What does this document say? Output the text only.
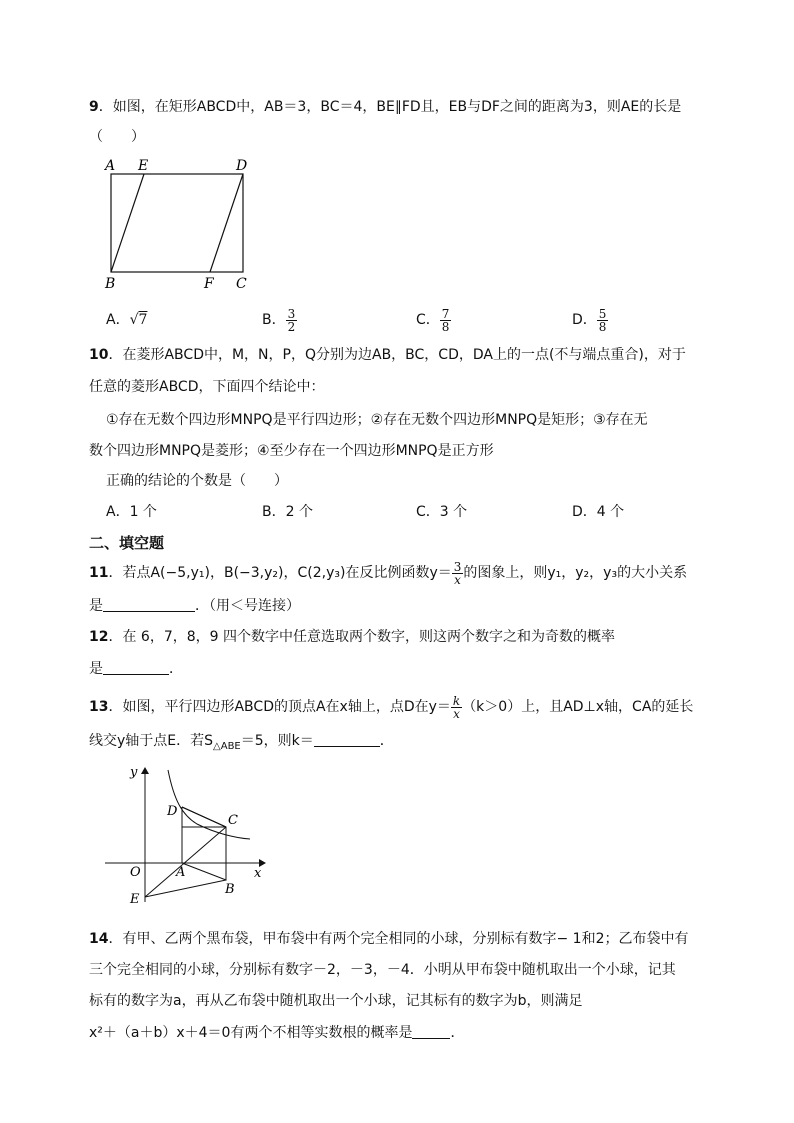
9．如图，在矩形ABCD中，AB＝3，BC＝4，BE∥FD且，EB与DF之间的距离为3，则AE的长是
（　　）
A E	D
B	F C
A．√7	B． $\frac{3}{2}$	C． $\frac{7}{8}$	D． $\frac{5}{8}$
10．在菱形ABCD中，M，N，P，Q分别为边AB，BC，CD，DA上的一点(不与端点重合)，对于
任意的菱形ABCD，下面四个结论中：
①存在无数个四边形MNPQ是平行四边形；②存在无数个四边形MNPQ是矩形；③存在无
数个四边形MNPQ是菱形；④至少存在一个四边形MNPQ是正方形
正确的结论的个数是（　　）
A．1 个	B．2 个	C．3 个	D．4 个
二、填空题
11．若点A(−5,y₁)，B(−3,y₂)，C(2,y₃)在反比例函数$y= \frac{3}{x}$ 的图象上，则y₁，y₂，y₃的大小关系
是	．（用＜号连接）
12．在 6，7，8，9 四个数字中任意选取两个数字，则这两个数字之和为奇数的概率
是	．
13．如图，平行四边形ABCD的顶点A在x轴上，点D在$y= \frac{k}{x} (k>0)$上，且AD⊥x轴，CA的延长
线交y轴于点E．若$S_{\triangle ABE}=5$，则k＝	．
y
x
O	A
B
C
D
E
14．有甲、乙两个黑布袋，甲布袋中有两个完全相同的小球，分别标有数字− 1和2；乙布袋中有
三个完全相同的小球，分别标有数字－2，－3，－4．小明从甲布袋中随机取出一个小球，记其
标有的数字为a，再从乙布袋中随机取出一个小球，记其标有的数字为b，则满足
x²＋（a＋b）x＋4＝0有两个不相等实数根的概率是	．
